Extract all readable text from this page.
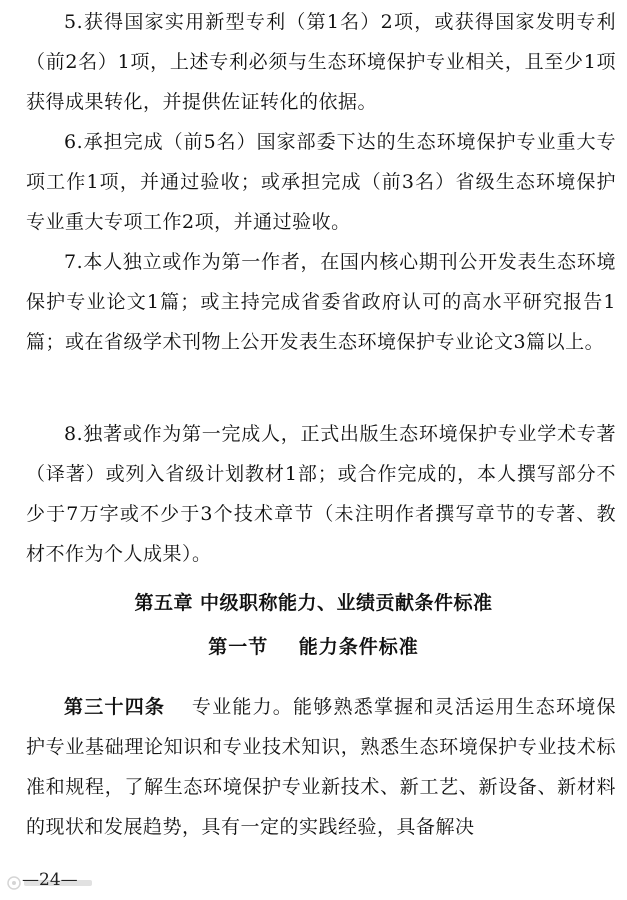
5.获得国家实用新型专利（第1名）2项，或获得国家发明专利（前2名）1项，上述专利必须与生态环境保护专业相关，且至少1项获得成果转化，并提供佐证转化的依据。

6.承担完成（前5名）国家部委下达的生态环境保护专业重大专项工作1项，并通过验收；或承担完成（前3名）省级生态环境保护专业重大专项工作2项，并通过验收。

7.本人独立或作为第一作者，在国内核心期刊公开发表生态环境保护专业论文1篇；或主持完成省委省政府认可的高水平研究报告1篇；或在省级学术刊物上公开发表生态环境保护专业论文3篇以上。

8.独著或作为第一完成人，正式出版生态环境保护专业学术专著（译著）或列入省级计划教材1部；或合作完成的，本人撰写部分不少于7万字或不少于3个技术章节（未注明作者撰写章节的专著、教材不作为个人成果）。

第五章 中级职称能力、业绩贡献条件标准
第一节    能力条件标准

第三十四条 专业能力。能够熟悉掌握和灵活运用生态环境保护专业基础理论知识和专业技术知识，熟悉生态环境保护专业技术标准和规程，了解生态环境保护专业新技术、新工艺、新设备、新材料的现状和发展趋势，具有一定的实践经验，具备解决

—24—
